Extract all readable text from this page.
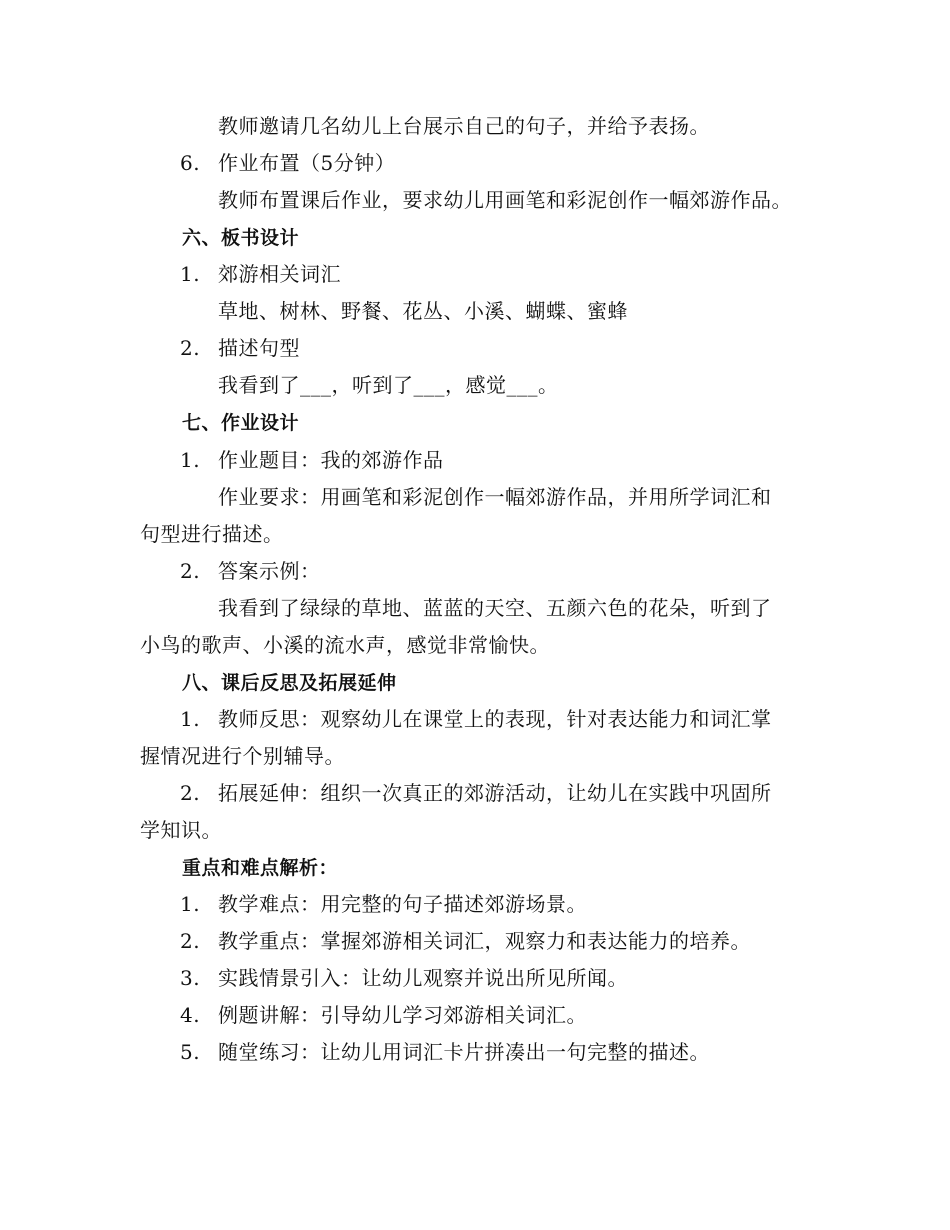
教师邀请几名幼儿上台展示自己的句子，并给予表扬。
6. 作业布置（5分钟）
教师布置课后作业，要求幼儿用画笔和彩泥创作一幅郊游作品。
六、板书设计
1. 郊游相关词汇
草地、树林、野餐、花丛、小溪、蝴蝶、蜜蜂
2. 描述句型
我看到了___，听到了___，感觉___。
七、作业设计
1. 作业题目：我的郊游作品
作业要求：用画笔和彩泥创作一幅郊游作品，并用所学词汇和
句型进行描述。
2. 答案示例：
我看到了绿绿的草地、蓝蓝的天空、五颜六色的花朵，听到了
小鸟的歌声、小溪的流水声，感觉非常愉快。
八、课后反思及拓展延伸
1. 教师反思：观察幼儿在课堂上的表现，针对表达能力和词汇掌
握情况进行个别辅导。
2. 拓展延伸：组织一次真正的郊游活动，让幼儿在实践中巩固所
学知识。
重点和难点解析：
1. 教学难点：用完整的句子描述郊游场景。
2. 教学重点：掌握郊游相关词汇，观察力和表达能力的培养。
3. 实践情景引入：让幼儿观察并说出所见所闻。
4. 例题讲解：引导幼儿学习郊游相关词汇。
5. 随堂练习：让幼儿用词汇卡片拼凑出一句完整的描述。
